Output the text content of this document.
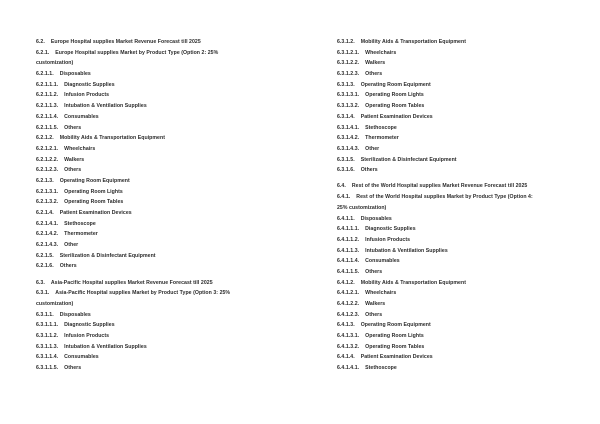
6.2. Europe Hospital supplies Market Revenue Forecast till 2025
6.2.1. Europe Hospital supplies Market by Product Type (Option 2: 25%
customization)
6.2.1.1. Disposables
6.2.1.1.1. Diagnostic Supplies
6.2.1.1.2. Infusion Products
6.2.1.1.3. Intubation & Ventilation Supplies
6.2.1.1.4. Consumables
6.2.1.1.5. Others
6.2.1.2. Mobility Aids & Transportation Equipment
6.2.1.2.1. Wheelchairs
6.2.1.2.2. Walkers
6.2.1.2.3. Others
6.2.1.3. Operating Room Equipment
6.2.1.3.1. Operating Room Lights
6.2.1.3.2. Operating Room Tables
6.2.1.4. Patient Examination Devices
6.2.1.4.1. Stethoscope
6.2.1.4.2. Thermometer
6.2.1.4.3. Other
6.2.1.5. Sterilization & Disinfectant Equipment
6.2.1.6. Others
6.3. Asia-Pacific Hospital supplies Market Revenue Forecast till 2025
6.3.1. Asia-Pacific Hospital supplies Market by Product Type (Option 3: 25%
customization)
6.3.1.1. Disposables
6.3.1.1.1. Diagnostic Supplies
6.3.1.1.2. Infusion Products
6.3.1.1.3. Intubation & Ventilation Supplies
6.3.1.1.4. Consumables
6.3.1.1.5. Others
6.3.1.2. Mobility Aids & Transportation Equipment
6.3.1.2.1. Wheelchairs
6.3.1.2.2. Walkers
6.3.1.2.3. Others
6.3.1.3. Operating Room Equipment
6.3.1.3.1. Operating Room Lights
6.3.1.3.2. Operating Room Tables
6.3.1.4. Patient Examination Devices
6.3.1.4.1. Stethoscope
6.3.1.4.2. Thermometer
6.3.1.4.3. Other
6.3.1.5. Sterilization & Disinfectant Equipment
6.3.1.6. Others
6.4. Rest of the World Hospital supplies Market Revenue Forecast till 2025
6.4.1. Rest of the World Hospital supplies Market by Product Type (Option 4:
25% customization)
6.4.1.1. Disposables
6.4.1.1.1. Diagnostic Supplies
6.4.1.1.2. Infusion Products
6.4.1.1.3. Intubation & Ventilation Supplies
6.4.1.1.4. Consumables
6.4.1.1.5. Others
6.4.1.2. Mobility Aids & Transportation Equipment
6.4.1.2.1. Wheelchairs
6.4.1.2.2. Walkers
6.4.1.2.3. Others
6.4.1.3. Operating Room Equipment
6.4.1.3.1. Operating Room Lights
6.4.1.3.2. Operating Room Tables
6.4.1.4. Patient Examination Devices
6.4.1.4.1. Stethoscope
